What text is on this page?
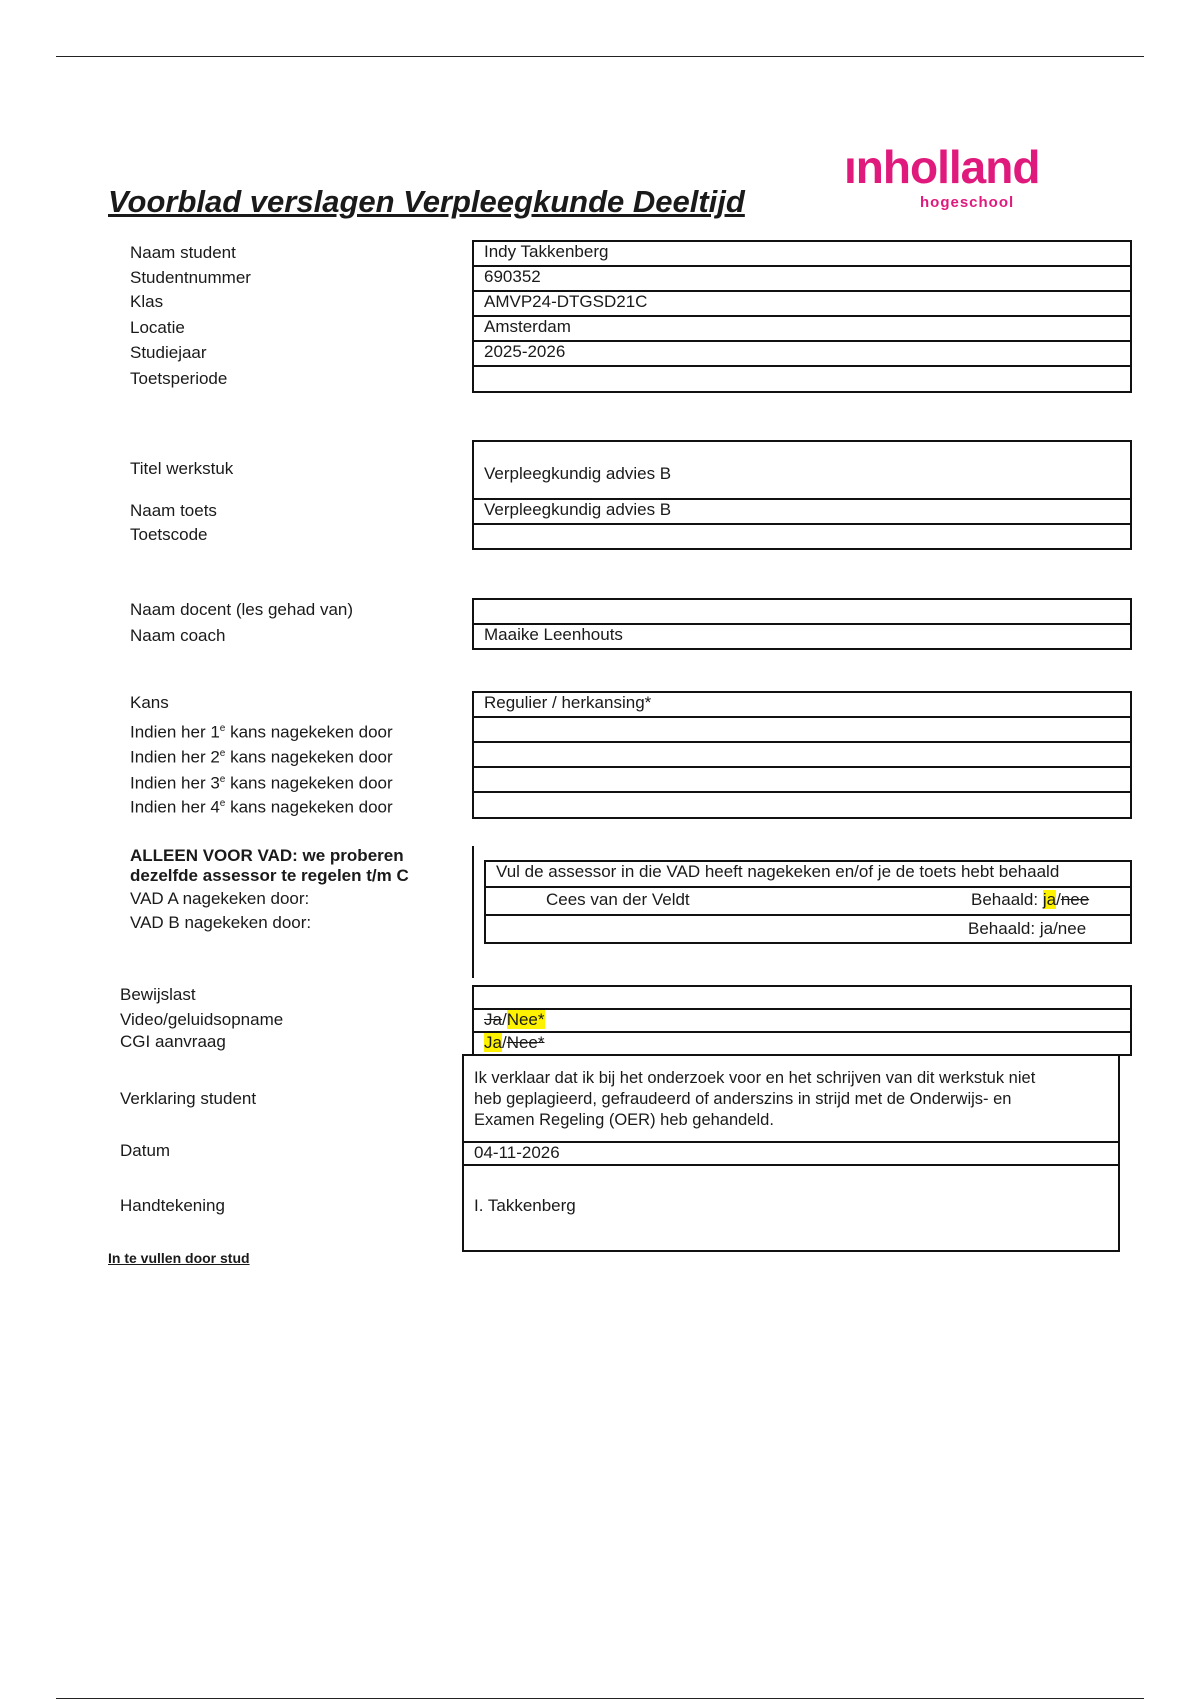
Voorblad verslagen Verpleegkunde Deeltijd
ınholland
hogeschool
Naam student
Studentnummer
Klas
Locatie
Studiejaar
Toetsperiode
Indy Takkenberg
690352
AMVP24-DTGSD21C
Amsterdam
2025-2026
Titel werkstuk
Naam toets
Toetscode
Verpleegkundig advies B
Verpleegkundig advies B
Naam docent (les gehad van)
Naam coach	Maaike Leenhouts
Kans
Indien her 1e kans nagekeken door
Indien her 2e kans nagekeken door
Indien her 3e kans nagekeken door
Indien her 4e kans nagekeken door
Regulier / herkansing*
ALLEEN VOOR VAD: we proberen
dezelfde assessor te regelen t/m C
VAD A nagekeken door:
VAD B nagekeken door:
Vul de assessor in die VAD heeft nagekeken en/of je de toets hebt behaald
Cees van der Veldt	Behaald: ja/nee
Behaald: ja/nee
Bewijslast
Video/geluidsopname
CGI aanvraag
Ja/Nee*
Ja/Nee*
Verklaring student
Datum
Handtekening
Ik verklaar dat ik bij het onderzoek voor en het schrijven van dit werkstuk niet
heb geplagieerd, gefraudeerd of anderszins in strijd met de Onderwijs- en
Examen Regeling (OER) heb gehandeld.
04-11-2026
I. Takkenberg
In te vullen door stud
